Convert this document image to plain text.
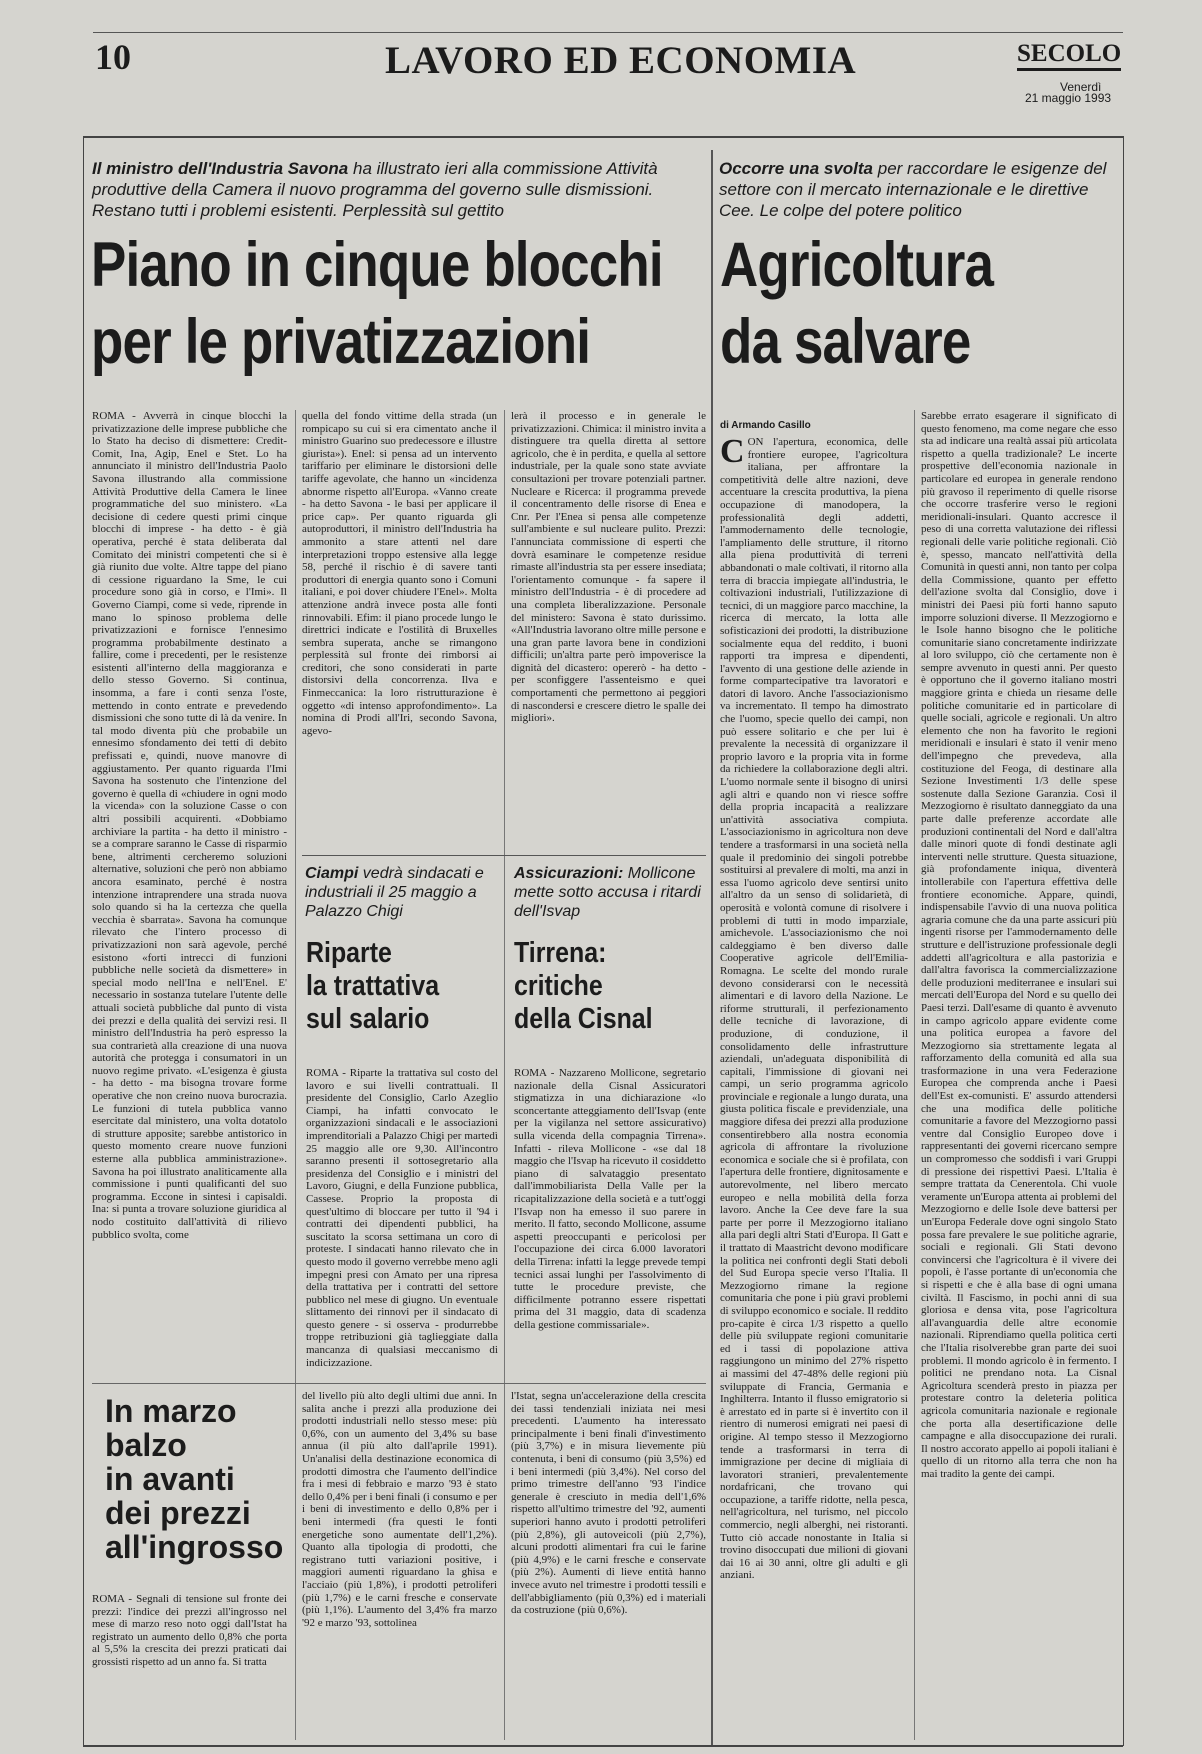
10	LAVORO ED ECONOMIA	SECOLO
Venerdì
21 maggio 1993
Il ministro dell'Industria Savona ha illustrato ieri alla commissione Attività produttive della Camera il nuovo programma del governo sulle dismissioni. Restano tutti i problemi esistenti. Perplessità sul gettito
Piano in cinque blocchi
per le privatizzazioni

ROMA - Avverrà in cinque blocchi la privatizzazione delle imprese pubbliche che lo Stato ha deciso di dismettere: Credit-Comit, Ina, Agip, Enel e Stet. Lo ha annunciato il ministro dell'Industria Paolo Savona illustrando alla commissione Attività Produttive della Camera le linee programmatiche del suo ministero. «La decisione di cedere questi primi cinque blocchi di imprese - ha detto - è già operativa, perché è stata deliberata dal Comitato dei ministri competenti che si è già riunito due volte. Altre tappe del piano di cessione riguardano la Sme, le cui procedure sono già in corso, e l'Imi». Il Governo Ciampi, come si vede, riprende in mano lo spinoso problema delle privatizzazioni e fornisce l'ennesimo programma probabilmente destinato a fallire, come i precedenti, per le resistenze esistenti all'interno della maggioranza e dello stesso Governo. Si continua, insomma, a fare i conti senza l'oste, mettendo in conto entrate e prevedendo dismissioni che sono tutte di là da venire. In tal modo diventa più che probabile un ennesimo sfondamento dei tetti di debito prefissati e, quindi, nuove manovre di aggiustamento. Per quanto riguarda l'Imi Savona ha sostenuto che l'intenzione del governo è quella di «chiudere in ogni modo la vicenda» con la soluzione Casse o con altri possibili acquirenti. «Dobbiamo archiviare la partita - ha detto il ministro - se a comprare saranno le Casse di risparmio bene, altrimenti cercheremo soluzioni alternative, soluzioni che però non abbiamo ancora esaminato, perché è nostra intenzione intraprendere una strada nuova solo quando si ha la certezza che quella vecchia è sbarrata». Savona ha comunque rilevato che l'intero processo di privatizzazioni non sarà agevole, perché esistono «forti intrecci di funzioni pubbliche nelle società da dismettere» in special modo nell'Ina e nell'Enel. E' necessario in sostanza tutelare l'utente delle attuali società pubbliche dal punto di vista dei prezzi e della qualità dei servizi resi. Il ministro dell'Industria ha però espresso la sua contrarietà alla creazione di una nuova autorità che protegga i consumatori in un nuovo regime privato. «L'esigenza è giusta - ha detto - ma bisogna trovare forme operative che non creino nuova burocrazia. Le funzioni di tutela pubblica vanno esercitate dal ministero, una volta dotatolo di strutture apposite; sarebbe antistorico in questo momento creare nuove funzioni esterne alla pubblica amministrazione». Savona ha poi illustrato analiticamente alla commissione i punti qualificanti del suo programma. Eccone in sintesi i capisaldi. Ina: si punta a trovare soluzione giuridica al nodo costituito dall'attività di rilievo pubblico svolta, come

quella del fondo vittime della strada (un rompicapo su cui si era cimentato anche il ministro Guarino suo predecessore e illustre giurista»). Enel: si pensa ad un intervento tariffario per eliminare le distorsioni delle tariffe agevolate, che hanno un «incidenza abnorme rispetto all'Europa. «Vanno create - ha detto Savona - le basi per applicare il price cap». Per quanto riguarda gli autoproduttori, il ministro dell'Industria ha ammonito a stare attenti nel dare interpretazioni troppo estensive alla legge 58, perché il rischio è di savere tanti produttori di energia quanto sono i Comuni italiani, e poi dover chiudere l'Enel». Molta attenzione andrà invece posta alle fonti rinnovabili. Efim: il piano procede lungo le direttrici indicate e l'ostilità di Bruxelles sembra superata, anche se rimangono perplessità sul fronte dei rimborsi ai creditori, che sono considerati in parte distorsivi della concorrenza. Ilva e Finmeccanica: la loro ristrutturazione è oggetto «di intenso approfondimento». La nomina di Prodi all'Iri, secondo Savona, agevo-

lerà il processo e in generale le privatizzazioni. Chimica: il ministro invita a distinguere tra quella diretta al settore agricolo, che è in perdita, e quella al settore industriale, per la quale sono state avviate consultazioni per trovare potenziali partner. Nucleare e Ricerca: il programma prevede il concentramento delle risorse di Enea e Cnr. Per l'Enea si pensa alle competenze sull'ambiente e sul nucleare pulito. Prezzi: l'annunciata commissione di esperti che dovrà esaminare le competenze residue rimaste all'industria sta per essere insediata; l'orientamento comunque - fa sapere il ministro dell'Industria - è di procedere ad una completa liberalizzazione. Personale del ministero: Savona è stato durissimo. «All'Industria lavorano oltre mille persone e una gran parte lavora bene in condizioni difficili; un'altra parte però impoverisce la dignità del dicastero: opererò - ha detto - per sconfiggere l'assenteismo e quei comportamenti che permettono ai peggiori di nascondersi e crescere dietro le spalle dei migliori».

Occorre una svolta per raccordare le esigenze del settore con il mercato internazionale e le direttive Cee. Le colpe del potere politico
Agricoltura
da salvare
di Armando Casillo
CON l'apertura, economica, delle frontiere europee, l'agricoltura italiana, per affrontare la competitività delle altre nazioni, deve accentuare la crescita produttiva, la piena occupazione di manodopera, la professionalità degli addetti, l'ammodernamento delle tecnologie, l'ampliamento delle strutture, il ritorno alla piena produttività di terreni abbandonati o male coltivati, il ritorno alla terra di braccia impiegate all'industria, le coltivazioni industriali, l'utilizzazione di tecnici, di un maggiore parco macchine, la ricerca di mercato, la lotta alle sofisticazioni dei prodotti, la distribuzione socialmente equa del reddito, i buoni rapporti tra impresa e dipendenti, l'avvento di una gestione delle aziende in forme compartecipative tra lavoratori e datori di lavoro. Anche l'associazionismo va incrementato. Il tempo ha dimostrato che l'uomo, specie quello dei campi, non può essere solitario e che per lui è prevalente la necessità di organizzare il proprio lavoro e la propria vita in forme da richiedere la collaborazione degli altri. L'uomo normale sente il bisogno di unirsi agli altri e quando non vi riesce soffre della propria incapacità a realizzare un'attività associativa compiuta. L'associazionismo in agricoltura non deve tendere a trasformarsi in una società nella quale il predominio dei singoli potrebbe sostituirsi al prevalere di molti, ma anzi in essa l'uomo agricolo deve sentirsi unito all'altro da un senso di solidarietà, di operosità e volontà comune di risolvere i problemi di tutti in modo imparziale, amichevole. L'associazionismo che noi caldeggiamo è ben diverso dalle Cooperative agricole dell'Emilia-Romagna. Le scelte del mondo rurale devono considerarsi con le necessità alimentari e di lavoro della Nazione. Le riforme strutturali, il perfezionamento delle tecniche di lavorazione, di produzione, di conduzione, il consolidamento delle infrastrutture aziendali, un'adeguata disponibilità di capitali, l'immissione di giovani nei campi, un serio programma agricolo provinciale e regionale a lungo durata, una giusta politica fiscale e previdenziale, una maggiore difesa dei prezzi alla produzione consentirebbero alla nostra economia agricola di affrontare la rivoluzione economica e sociale che si è profilata, con l'apertura delle frontiere, dignitosamente e autorevolmente, nel libero mercato europeo e nella mobilità della forza lavoro. Anche la Cee deve fare la sua parte per porre il Mezzogiorno italiano alla pari degli altri Stati d'Europa. Il Gatt e il trattato di Maastricht devono modificare la politica nei confronti degli Stati deboli del Sud Europa specie verso l'Italia. Il Mezzogiorno rimane la regione comunitaria che pone i più gravi problemi di sviluppo economico e sociale. Il reddito pro-capite è circa 1/3 rispetto a quello delle più sviluppate regioni comunitarie ed i tassi di popolazione attiva raggiungono un minimo del 27% rispetto ai massimi del 47-48% delle regioni più sviluppate di Francia, Germania e Inghilterra. Intanto il flusso emigratorio si è arrestato ed in parte si è invertito con il rientro di numerosi emigrati nei paesi di origine. Al tempo stesso il Mezzogiorno tende a trasformarsi in terra di immigrazione per decine di migliaia di lavoratori stranieri, prevalentemente nordafricani, che trovano qui occupazione, a tariffe ridotte, nella pesca, nell'agricoltura, nel turismo, nel piccolo commercio, negli alberghi, nei ristoranti. Tutto ciò accade nonostante in Italia si trovino disoccupati due milioni di giovani dai 16 ai 30 anni, oltre gli adulti e gli anziani.

Sarebbe errato esagerare il significato di questo fenomeno, ma come negare che esso sta ad indicare una realtà assai più articolata rispetto a quella tradizionale? Le incerte prospettive dell'economia nazionale in particolare ed europea in generale rendono più gravoso il reperimento di quelle risorse che occorre trasferire verso le regioni meridionali-insulari. Quanto accresce il peso di una corretta valutazione dei riflessi regionali delle varie politiche regionali. Ciò è, spesso, mancato nell'attività della Comunità in questi anni, non tanto per colpa della Commissione, quanto per effetto dell'azione svolta dal Consiglio, dove i ministri dei Paesi più forti hanno saputo imporre soluzioni diverse. Il Mezzogiorno e le Isole hanno bisogno che le politiche comunitarie siano concretamente indirizzate al loro sviluppo, ciò che certamente non è sempre avvenuto in questi anni. Per questo è opportuno che il governo italiano mostri maggiore grinta e chieda un riesame delle politiche comunitarie ed in particolare di quelle sociali, agricole e regionali. Un altro elemento che non ha favorito le regioni meridionali e insulari è stato il venir meno dell'impegno che prevedeva, alla costituzione del Feoga, di destinare alla Sezione Investimenti 1/3 delle spese sostenute dalla Sezione Garanzia. Così il Mezzogiorno è risultato danneggiato da una parte dalle preferenze accordate alle produzioni continentali del Nord e dall'altra dalle minori quote di fondi destinate agli interventi nelle strutture. Questa situazione, già profondamente iniqua, diventerà intollerabile con l'apertura effettiva delle frontiere economiche. Appare, quindi, indispensabile l'avvio di una nuova politica agraria comune che da una parte assicuri più ingenti risorse per l'ammodernamento delle strutture e dell'istruzione professionale degli addetti all'agricoltura e alla pastorizia e dall'altra favorisca la commercializzazione delle produzioni mediterranee e insulari sui mercati dell'Europa del Nord e su quello dei Paesi terzi. Dall'esame di quanto è avvenuto in campo agricolo appare evidente come una politica europea a favore del Mezzogiorno sia strettamente legata al rafforzamento della comunità ed alla sua trasformazione in una vera Federazione Europea che comprenda anche i Paesi dell'Est ex-comunisti. E' assurdo attendersi che una modifica delle politiche comunitarie a favore del Mezzogiorno passi ventre dal Consiglio Europeo dove i rappresentanti dei governi ricercano sempre un compromesso che soddisfi i vari Gruppi di pressione dei rispettivi Paesi. L'Italia è sempre trattata da Cenerentola. Chi vuole veramente un'Europa attenta ai problemi del Mezzogiorno e delle Isole deve battersi per un'Europa Federale dove ogni singolo Stato possa fare prevalere le sue politiche agrarie, sociali e regionali. Gli Stati devono convincersi che l'agricoltura è il vivere dei popoli, è l'asse portante di un'economia che si rispetti e che è alla base di ogni umana civiltà. Il Fascismo, in pochi anni di sua gloriosa e densa vita, pose l'agricoltura all'avanguardia delle altre economie nazionali. Riprendiamo quella politica certi che l'Italia risolverebbe gran parte dei suoi problemi. Il mondo agricolo è in fermento. I politici ne prendano nota. La Cisnal Agricoltura scenderà presto in piazza per protestare contro la deleteria politica agricola comunitaria nazionale e regionale che porta alla desertificazione delle campagne e alla disoccupazione dei rurali. Il nostro accorato appello ai popoli italiani è quello di un ritorno alla terra che non ha mai tradito la gente dei campi.

Ciampi vedrà sindacati e industriali il 25 maggio a Palazzo Chigi
Riparte
la trattativa
sul salario

ROMA - Riparte la trattativa sul costo del lavoro e sui livelli contrattuali. Il presidente del Consiglio, Carlo Azeglio Ciampi, ha infatti convocato le organizzazioni sindacali e le associazioni imprenditoriali a Palazzo Chigi per martedì 25 maggio alle ore 9,30. All'incontro saranno presenti il sottosegretario alla presidenza del Consiglio e i ministri del Lavoro, Giugni, e della Funzione pubblica, Cassese. Proprio la proposta di quest'ultimo di bloccare per tutto il '94 i contratti dei dipendenti pubblici, ha suscitato la scorsa settimana un coro di proteste. I sindacati hanno rilevato che in questo modo il governo verrebbe meno agli impegni presi con Amato per una ripresa della trattativa per i contratti del settore pubblico nel mese di giugno. Un eventuale slittamento dei rinnovi per il sindacato di questo genere - si osserva - produrrebbe troppe retribuzioni già taglieggiate dalla mancanza di qualsiasi meccanismo di indicizzazione.

Assicurazioni: Mollicone mette sotto accusa i ritardi dell'Isvap
Tirrena:
critiche
della Cisnal

ROMA - Nazzareno Mollicone, segretario nazionale della Cisnal Assicuratori stigmatizza in una dichiarazione «lo sconcertante atteggiamento dell'Isvap (ente per la vigilanza nel settore assicurativo) sulla vicenda della compagnia Tirrena». Infatti - rileva Mollicone - «se dal 18 maggio che l'Isvap ha ricevuto il cosiddetto piano di salvataggio presentato dall'immobiliarista Della Valle per la ricapitalizzazione della società e a tutt'oggi l'Isvap non ha emesso il suo parere in merito. Il fatto, secondo Mollicone, assume aspetti preoccupanti e pericolosi per l'occupazione dei circa 6.000 lavoratori della Tirrena: infatti la legge prevede tempi tecnici assai lunghi per l'assolvimento di tutte le procedure previste, che difficilmente potranno essere rispettati prima del 31 maggio, data di scadenza della gestione commissariale».

In marzo
balzo
in avanti
dei prezzi
all'ingrosso

ROMA - Segnali di tensione sul fronte dei prezzi: l'indice dei prezzi all'ingrosso nel mese di marzo reso noto oggi dall'Istat ha registrato un aumento dello 0,8% che porta al 5,5% la crescita dei prezzi praticati dai grossisti rispetto ad un anno fa. Si tratta

del livello più alto degli ultimi due anni. In salita anche i prezzi alla produzione dei prodotti industriali nello stesso mese: più 0,6%, con un aumento del 3,4% su base annua (il più alto dall'aprile 1991). Un'analisi della destinazione economica di prodotti dimostra che l'aumento dell'indice fra i mesi di febbraio e marzo '93 è stato dello 0,4% per i beni finali (i consumo e per i beni di investimento e dello 0,8% per i beni intermedi (fra questi le fonti energetiche sono aumentate dell'1,2%). Quanto alla tipologia di prodotti, che registrano tutti variazioni positive, i maggiori aumenti riguardano la ghisa e l'acciaio (più 1,8%), i prodotti petroliferi (più 1,7%) e le carni fresche e conservate (più 1,1%). L'aumento del 3,4% fra marzo '92 e marzo '93, sottolinea

l'Istat, segna un'accelerazione della crescita dei tassi tendenziali iniziata nei mesi precedenti. L'aumento ha interessato principalmente i beni finali d'investimento (più 3,7%) e in misura lievemente più contenuta, i beni di consumo (più 3,5%) ed i beni intermedi (più 3,4%). Nel corso del primo trimestre dell'anno '93 l'indice generale è cresciuto in media dell'1,6% rispetto all'ultimo trimestre del '92, aumenti superiori hanno avuto i prodotti petroliferi (più 2,8%), gli autoveicoli (più 2,7%), alcuni prodotti alimentari fra cui le farine (più 4,9%) e le carni fresche e conservate (più 2%). Aumenti di lieve entità hanno invece avuto nel trimestre i prodotti tessili e dell'abbigliamento (più 0,3%) ed i materiali da costruzione (più 0,6%).
